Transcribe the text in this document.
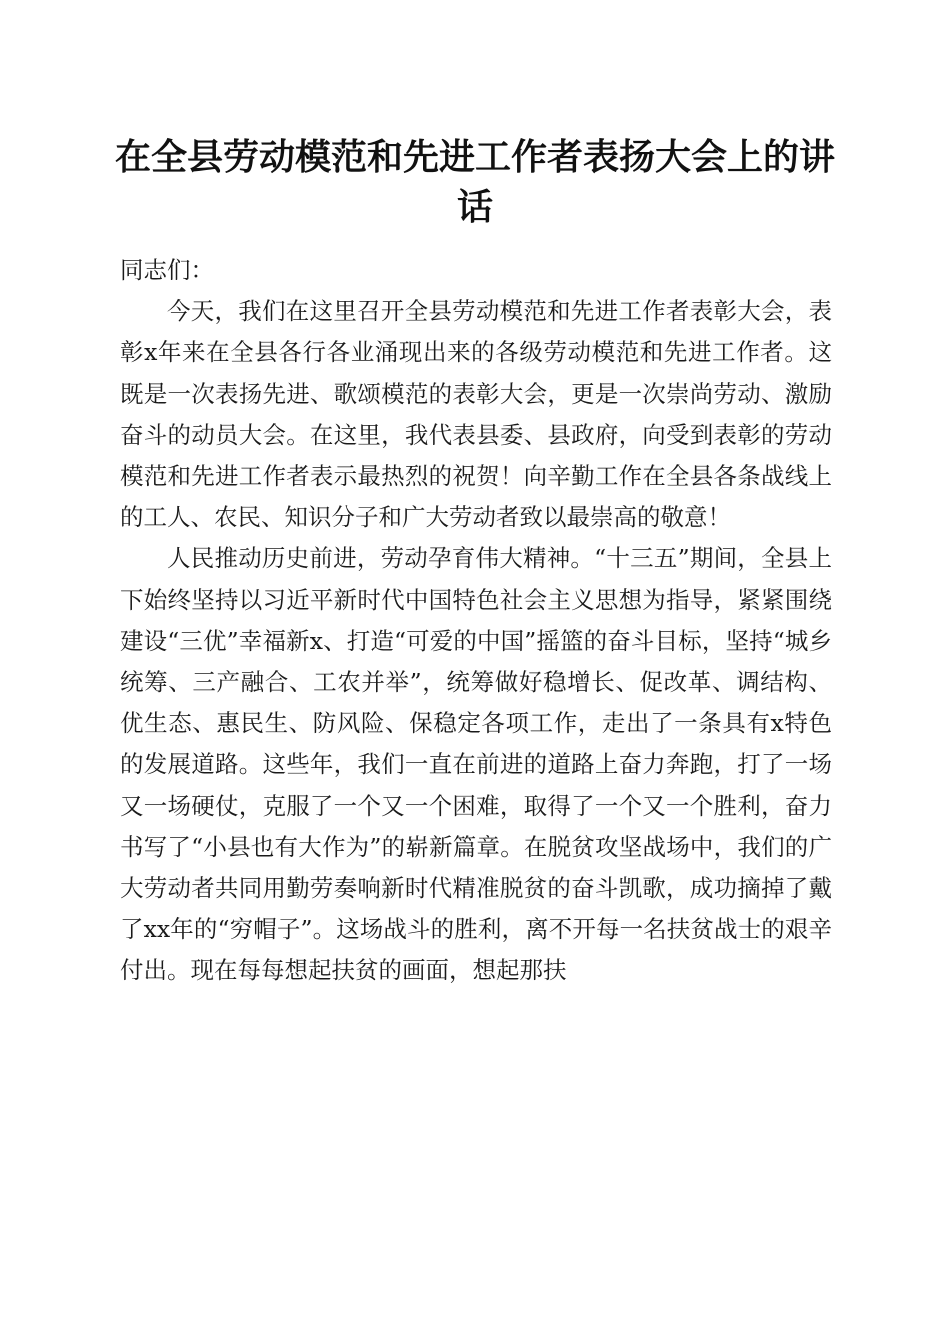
在全县劳动模范和先进工作者表扬大会上的讲话

同志们：

今天，我们在这里召开全县劳动模范和先进工作者表彰大会，表彰x年来在全县各行各业涌现出来的各级劳动模范和先进工作者。这既是一次表扬先进、歌颂模范的表彰大会，更是一次崇尚劳动、激励奋斗的动员大会。在这里，我代表县委、县政府，向受到表彰的劳动模范和先进工作者表示最热烈的祝贺！向辛勤工作在全县各条战线上的工人、农民、知识分子和广大劳动者致以最崇高的敬意！

人民推动历史前进，劳动孕育伟大精神。“十三五”期间，全县上下始终坚持以习近平新时代中国特色社会主义思想为指导，紧紧围绕建设“三优”幸福新x、打造“可爱的中国”摇篮的奋斗目标，坚持“城乡统筹、三产融合、工农并举”，统筹做好稳增长、促改革、调结构、优生态、惠民生、防风险、保稳定各项工作，走出了一条具有x特色的发展道路。这些年，我们一直在前进的道路上奋力奔跑，打了一场又一场硬仗，克服了一个又一个困难，取得了一个又一个胜利，奋力书写了“小县也有大作为”的崭新篇章。在脱贫攻坚战场中，我们的广大劳动者共同用勤劳奏响新时代精准脱贫的奋斗凯歌，成功摘掉了戴了xx年的“穷帽子”。这场战斗的胜利，离不开每一名扶贫战士的艰辛付出。现在每每想起扶贫的画面，想起那扶
